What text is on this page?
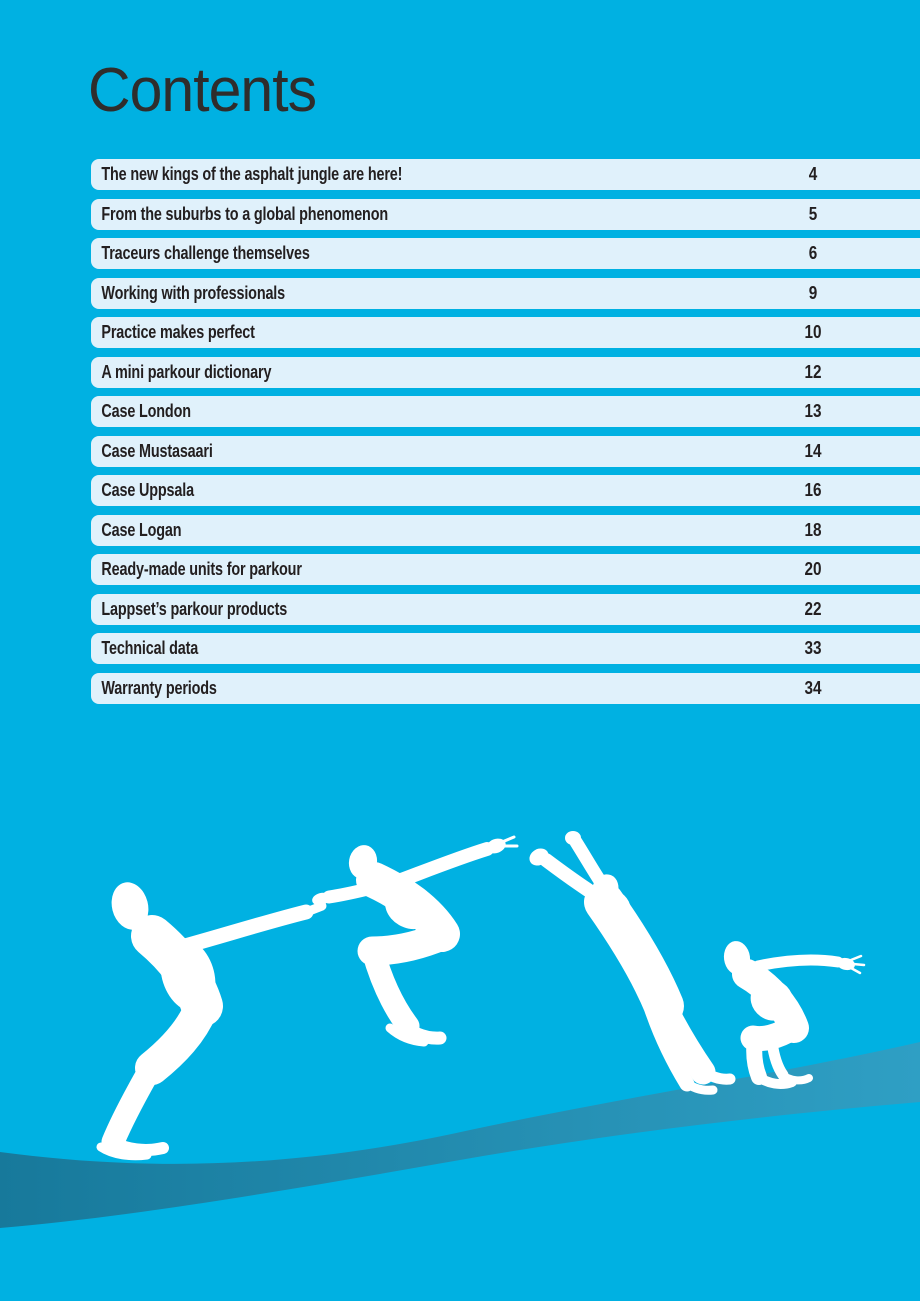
Contents
The new kings of the asphalt jungle are here!	4
From the suburbs to a global phenomenon	5
Traceurs challenge themselves	6
Working with professionals	9
Practice makes perfect	10
A mini parkour dictionary	12
Case London	13
Case Mustasaari	14
Case Uppsala	16
Case Logan	18
Ready-made units for parkour	20
Lappset’s parkour products	22
Technical data	33
Warranty periods	34
